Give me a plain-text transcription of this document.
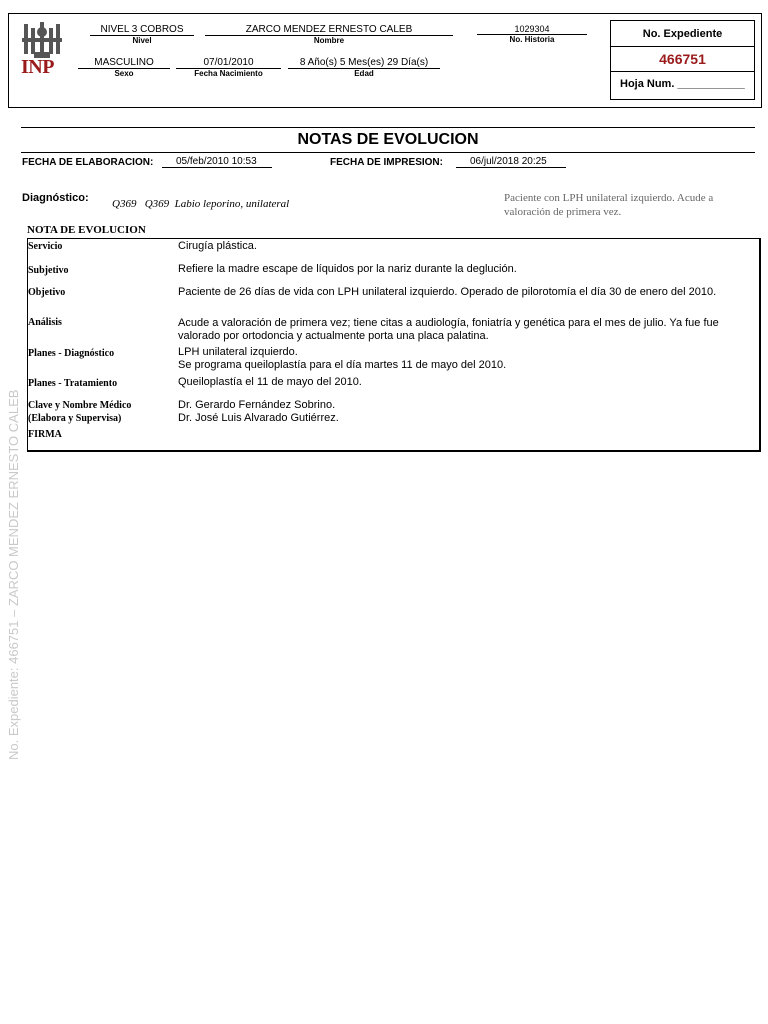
INP
NIVEL 3 COBROS
Nivel
ZARCO MENDEZ ERNESTO CALEB
Nombre
1029304
No. Historia
MASCULINO
Sexo
07/01/2010
Fecha Nacimiento
8 Año(s) 5 Mes(es) 29 Día(s)
Edad
No. Expediente
466751
Hoja Num. ___________
NOTAS DE EVOLUCION
FECHA DE ELABORACION:	05/feb/2010 10:53	FECHA DE IMPRESION:	06/jul/2018 20:25
Diagnóstico: Q369   Q369  Labio leporino, unilateral	Paciente con LPH unilateral izquierdo. Acude a
valoración de primera vez.
NOTA DE EVOLUCION
Servicio	Cirugía plástica.
Subjetivo	Refiere la madre escape de líquidos por la nariz durante la deglución.
Objetivo	Paciente de 26 días de vida con LPH unilateral izquierdo. Operado de pilorotomía el día 30 de enero del 2010.
Análisis	Acude a valoración de primera vez; tiene citas a audiología, foniatría y genética para el mes de julio. Ya fue fue
valorado por ortodoncia y actualmente porta una placa palatina.
Planes - Diagnóstico	LPH unilateral izquierdo.
Se programa queiloplastía para el día martes 11 de mayo del 2010.
Planes - Tratamiento	Queiloplastía el 11 de mayo del 2010.
Clave y Nombre Médico
(Elabora y Supervisa)
Dr. Gerardo Fernández Sobrino.
Dr. José Luis Alvarado Gutiérrez.
FIRMA
No. Expediente: 466751 – ZARCO MENDEZ ERNESTO CALEB
